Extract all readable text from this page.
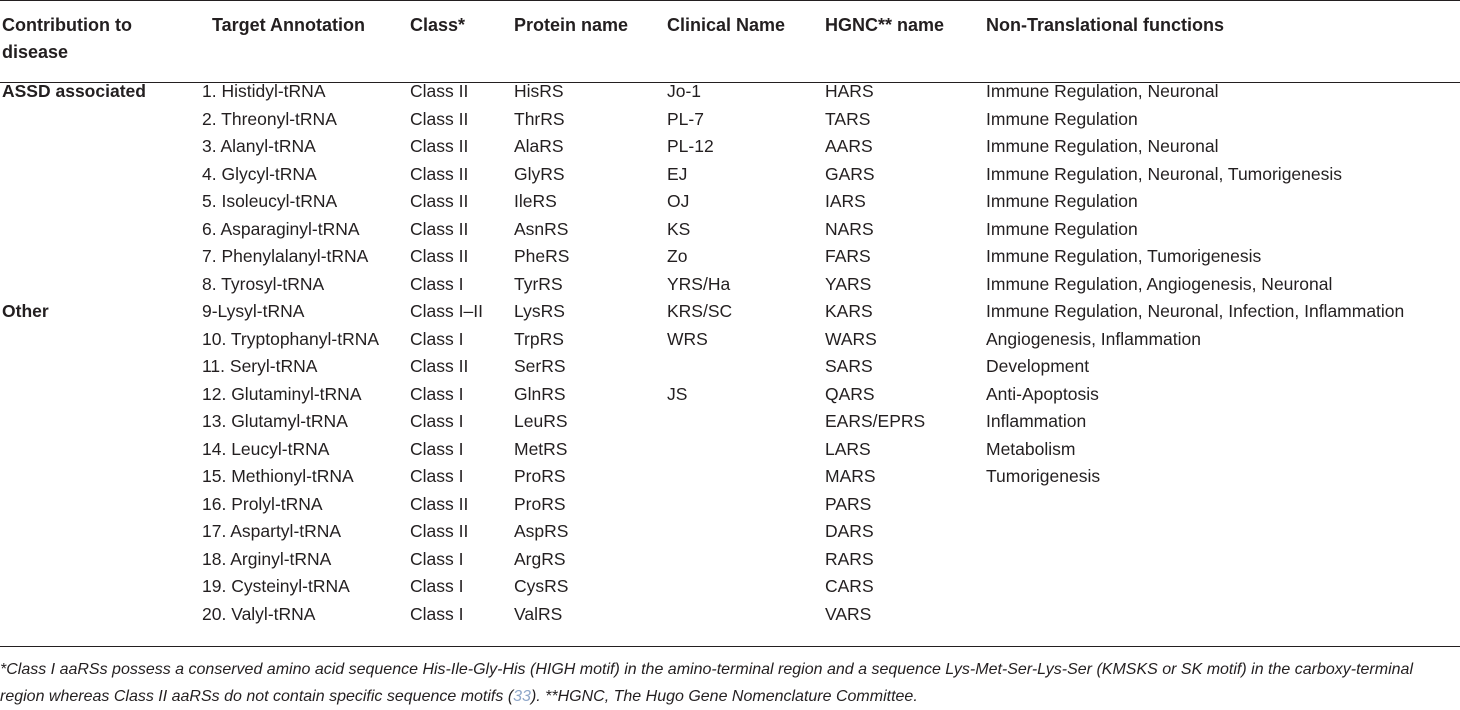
Contribution to disease	Target Annotation	Class*	Protein name	Clinical Name	HGNC** name	Non-Translational functions
ASSD associated	1. Histidyl-tRNA	Class II	HisRS	Jo-1	HARS	Immune Regulation, Neuronal
	2. Threonyl-tRNA	Class II	ThrRS	PL-7	TARS	Immune Regulation
	3. Alanyl-tRNA	Class II	AlaRS	PL-12	AARS	Immune Regulation, Neuronal
	4. Glycyl-tRNA	Class II	GlyRS	EJ	GARS	Immune Regulation, Neuronal, Tumorigenesis
	5. Isoleucyl-tRNA	Class II	IleRS	OJ	IARS	Immune Regulation
	6. Asparaginyl-tRNA	Class II	AsnRS	KS	NARS	Immune Regulation
	7. Phenylalanyl-tRNA	Class II	PheRS	Zo	FARS	Immune Regulation, Tumorigenesis
	8. Tyrosyl-tRNA	Class I	TyrRS	YRS/Ha	YARS	Immune Regulation, Angiogenesis, Neuronal
Other	9-Lysyl-tRNA	Class I–II	LysRS	KRS/SC	KARS	Immune Regulation, Neuronal, Infection, Inflammation
	10. Tryptophanyl-tRNA	Class I	TrpRS	WRS	WARS	Angiogenesis, Inflammation
	11. Seryl-tRNA	Class II	SerRS		SARS	Development
	12. Glutaminyl-tRNA	Class I	GlnRS	JS	QARS	Anti-Apoptosis
	13. Glutamyl-tRNA	Class I	LeuRS		EARS/EPRS	Inflammation
	14. Leucyl-tRNA	Class I	MetRS		LARS	Metabolism
	15. Methionyl-tRNA	Class I	ProRS		MARS	Tumorigenesis
	16. Prolyl-tRNA	Class II	ProRS		PARS	
	17. Aspartyl-tRNA	Class II	AspRS		DARS	
	18. Arginyl-tRNA	Class I	ArgRS		RARS	
	19. Cysteinyl-tRNA	Class I	CysRS		CARS	
	20. Valyl-tRNA	Class I	ValRS		VARS	
*Class I aaRSs possess a conserved amino acid sequence His-Ile-Gly-His (HIGH motif) in the amino-terminal region and a sequence Lys-Met-Ser-Lys-Ser (KMSKS or SK motif) in the carboxy-terminal region whereas Class II aaRSs do not contain specific sequence motifs (33). **HGNC, The Hugo Gene Nomenclature Committee.
